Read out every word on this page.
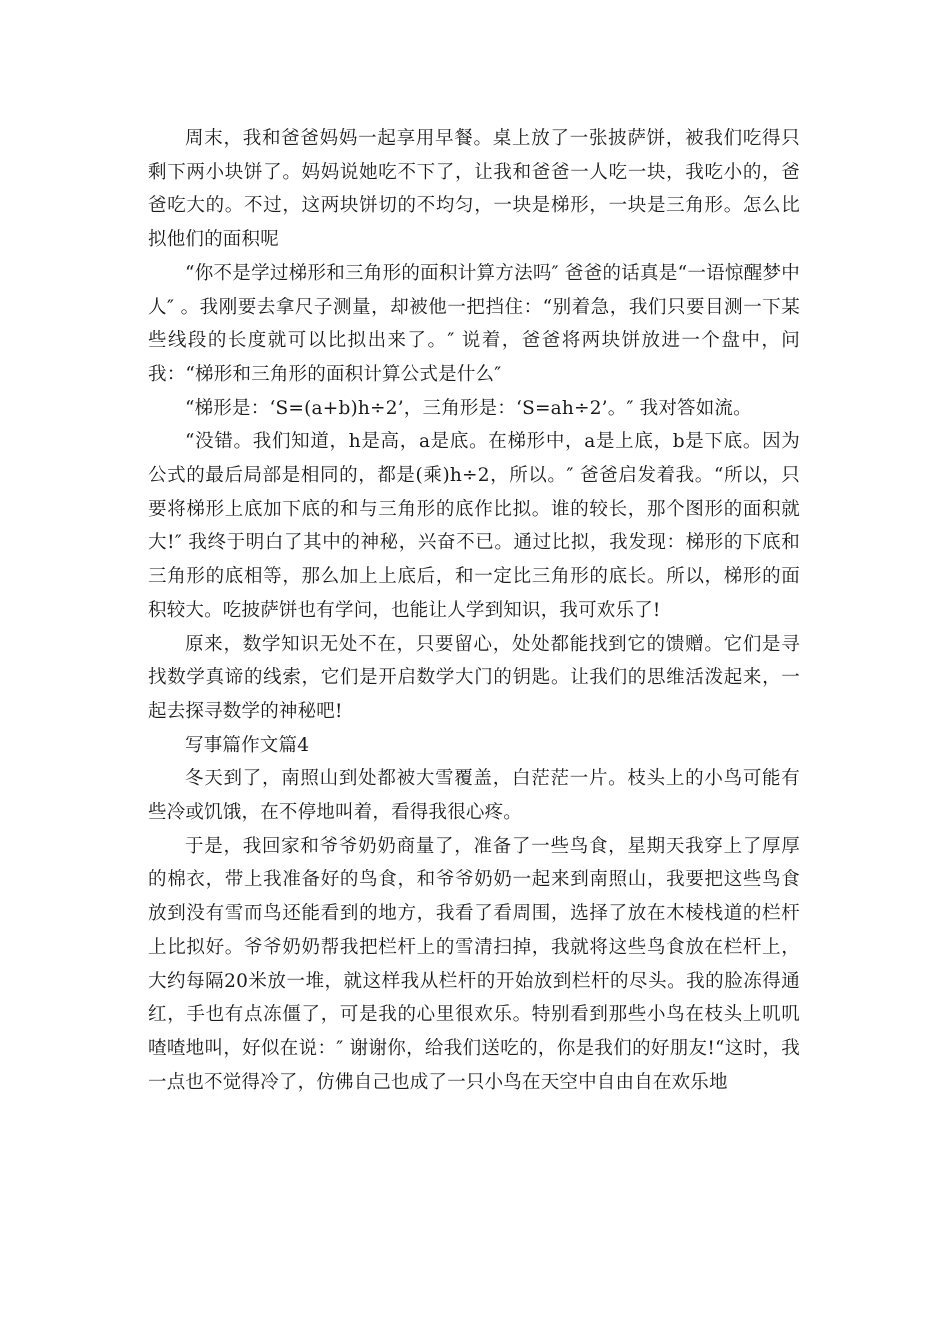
周末，我和爸爸妈妈一起享用早餐。桌上放了一张披萨饼，被我们吃得只剩下两小块饼了。妈妈说她吃不下了，让我和爸爸一人吃一块，我吃小的，爸爸吃大的。不过，这两块饼切的不均匀，一块是梯形，一块是三角形。怎么比拟他们的面积呢

“你不是学过梯形和三角形的面积计算方法吗″ 爸爸的话真是“一语惊醒梦中人″ 。我刚要去拿尺子测量，却被他一把挡住：“别着急，我们只要目测一下某些线段的长度就可以比拟出来了。″ 说着，爸爸将两块饼放进一个盘中，问我：“梯形和三角形的面积计算公式是什么″

“梯形是：‘S=(a+b)h÷2’，三角形是：‘S=ah÷2’。″ 我对答如流。

“没错。我们知道，h是高，a是底。在梯形中，a是上底，b是下底。因为公式的最后局部是相同的，都是(乘)h÷2，所以。″ 爸爸启发着我。“所以，只要将梯形上底加下底的和与三角形的底作比拟。谁的较长，那个图形的面积就大!″ 我终于明白了其中的神秘，兴奋不已。通过比拟，我发现：梯形的下底和三角形的底相等，那么加上上底后，和一定比三角形的底长。所以，梯形的面积较大。吃披萨饼也有学问，也能让人学到知识，我可欢乐了!

原来，数学知识无处不在，只要留心，处处都能找到它的馈赠。它们是寻找数学真谛的线索，它们是开启数学大门的钥匙。让我们的思维活泼起来，一起去探寻数学的神秘吧!

写事篇作文篇4

冬天到了，南照山到处都被大雪覆盖，白茫茫一片。枝头上的小鸟可能有些冷或饥饿，在不停地叫着，看得我很心疼。

于是，我回家和爷爷奶奶商量了，准备了一些鸟食，星期天我穿上了厚厚的棉衣，带上我准备好的鸟食，和爷爷奶奶一起来到南照山，我要把这些鸟食放到没有雪而鸟还能看到的地方，我看了看周围，选择了放在木棱栈道的栏杆上比拟好。爷爷奶奶帮我把栏杆上的雪清扫掉，我就将这些鸟食放在栏杆上，大约每隔20米放一堆，就这样我从栏杆的开始放到栏杆的尽头。我的脸冻得通红，手也有点冻僵了，可是我的心里很欢乐。特别看到那些小鸟在枝头上叽叽喳喳地叫，好似在说：″ 谢谢你，给我们送吃的，你是我们的好朋友!“这时，我一点也不觉得冷了，仿佛自己也成了一只小鸟在天空中自由自在欢乐地
